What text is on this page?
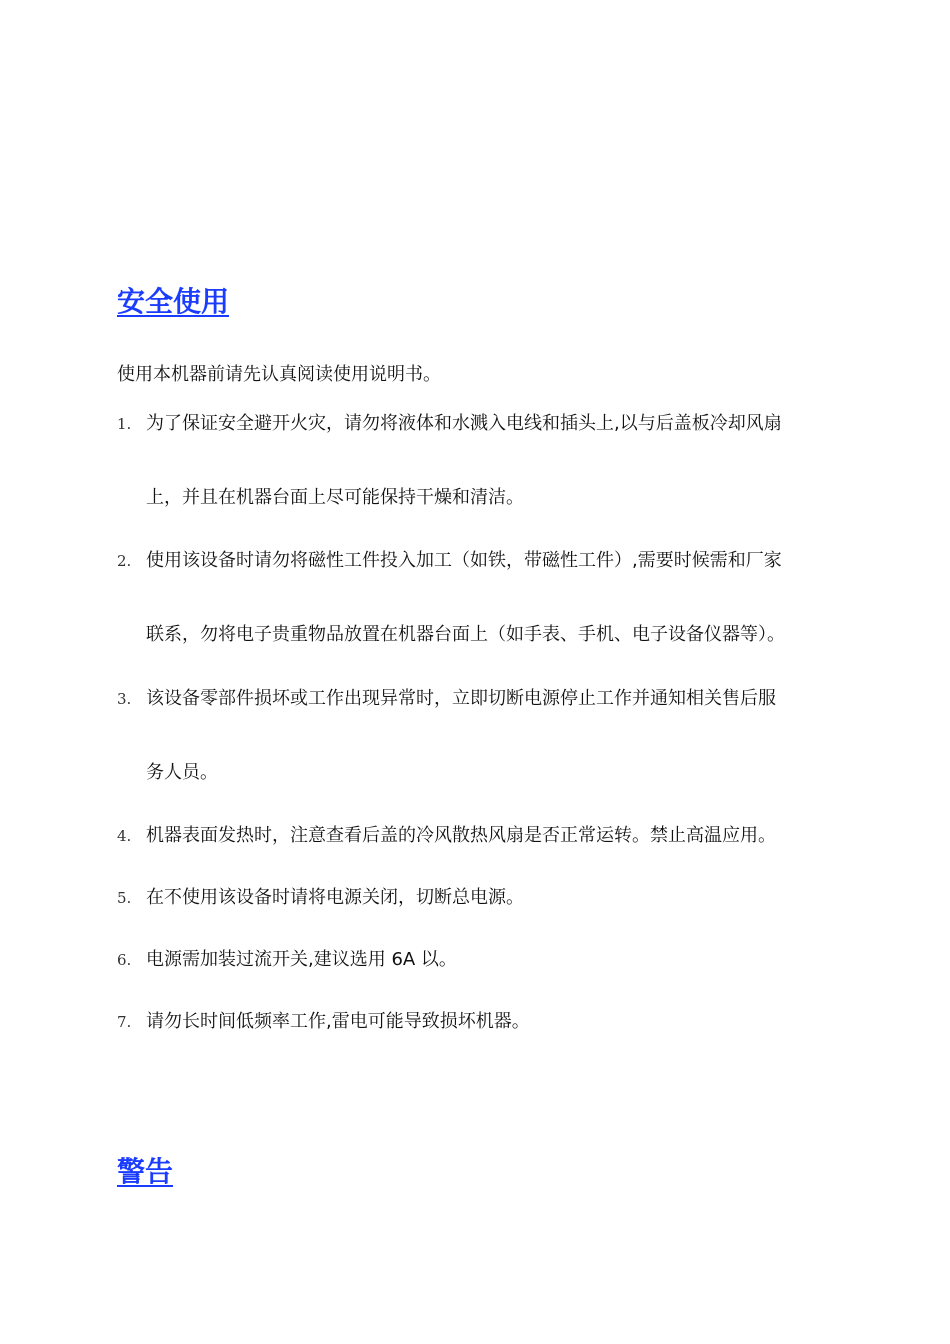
安全使用

使用本机器前请先认真阅读使用说明书。

1. 为了保证安全避开火灾，请勿将液体和水溅入电线和插头上,以与后盖板冷却风扇
上，并且在机器台面上尽可能保持干燥和清洁。
2. 使用该设备时请勿将磁性工件投入加工（如铁，带磁性工件）,需要时候需和厂家
联系，勿将电子贵重物品放置在机器台面上（如手表、手机、电子设备仪器等）。
3. 该设备零部件损坏或工作出现异常时，立即切断电源停止工作并通知相关售后服
务人员。
4. 机器表面发热时，注意查看后盖的冷风散热风扇是否正常运转。禁止高温应用。
5. 在不使用该设备时请将电源关闭，切断总电源。
6. 电源需加装过流开关,建议选用 6A 以。
7. 请勿长时间低频率工作,雷电可能导致损坏机器。
警告
